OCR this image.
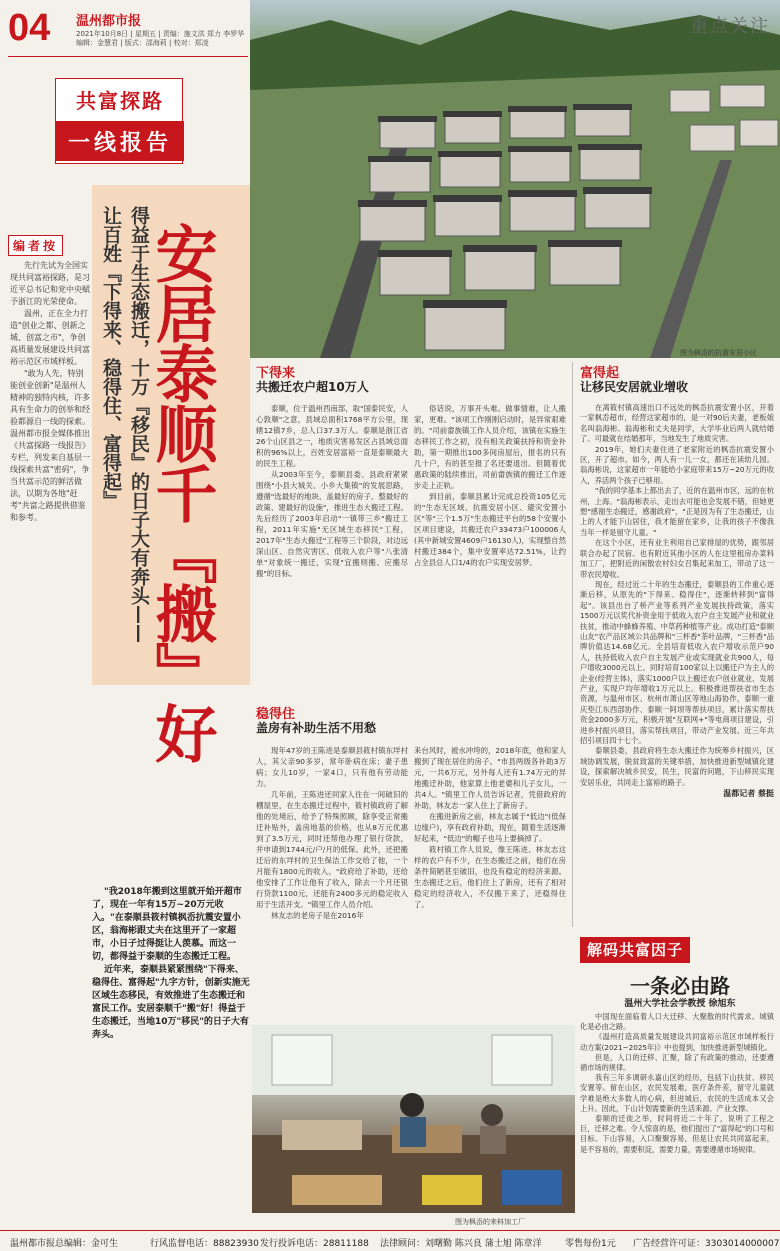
04 温州都市报
2021年10月8日 | 星期五 | 责编：施文洪 郑力 李罗华
编辑：金慧君 | 版式：邵海莉 | 校对：郑凌
重点关注
图为枫岙的抗震安居小区
共富探路
一线报告
安居泰顺千『搬』好
得益于生态搬迁，十万『移民』的日子大有奔头——
让百姓『下得来、稳得住、富得起』
编者按

先行先试为全国实现共同富裕探路，是习近平总书记和党中央赋予浙江的光荣使命。

温州，正在全力打造"创业之都、创新之城、创富之市"，争创高质量发展建设共同富裕示范区市域样板。

"敢为人先，特别能创业创新"是温州人精神的独特内核，许多具有生命力的创举和经验都源自一线的探索。温州都市报全媒体推出《共富探路一线报告》专栏，列发来自基层一线探索共富"密码"，争当共富示范的鲜活做法，以期为各地"赶考"共富之路提供借鉴和参考。

下得来
共搬迁农户超10万人

泰顺，位于温州西南部，取"国泰民安，人心敦顺"之意，县域总面积1768平方公里，现辖12镇7乡，总人口37.3万人。泰顺是浙江省26个山区县之一，地质灾害易发区占县域总面积的96%以上，百姓安居富裕一直是泰顺最大的民生工程。

从2003年至今，泰顺县委、县政府紧紧围绕"小县大城关、小乡大集镇"的发展思路，遵循"选最好的地块、盖最好的房子、整最好的政策、建最好的设施"，推进生态大搬迁工程。先后经历了2003年启动"一镇带三乡"搬迁工程，2011年实施"无区域生态移民"工程，2017年"生态大搬迁"工程等三个阶段，对边远深山区、自然灾害区、低收入农户等"八张清单"对象统一搬迁，实现"宜搬则搬、应搬尽搬"的目标。

俗话说，万事开头难。做事情难，让人搬家，更难。"该项工作刚刚启动时，是异常艰难的。"司前畲族镇工作人员介绍，该镇在实施生态移民工作之初，没有相关政策扶持和资金补助，第一期推出100多间房屋后，报名的只有几十户，有的甚至报了名还要退出。但随着优惠政策的陆续推出，司前畲族镇的搬迁工作逐步走上正轨。

到目前，泰顺县累计完成总投资105亿元的"生态无区域、抗震安居小区、避灾安置小区"等"三个1.5万"生态搬迁平台的58个安置小区项目建设，共搬迁农户33473户100006人(其中新城安置4609户16130人)，实现整自然村搬迁384个，集中安置率达72.51%，让约占全县总人口1/4的农户实现安居梦。

稳得住
盖房有补助生活不用愁

现年47岁的王陈进是泰顺县筱村镇东垟村人，其父亲90多岁，常年卧病在床；妻子患病；女儿10岁，一家4口，只有他有劳动能力。

几年前，王陈进还同家人住在一间破旧的棚屋里，在生态搬迁过程中，筱村镇政府了解他的处境后，给予了特殊照顾，除享受正常搬迁补贴外，盖房地基的价格，也从8万元优惠到了3.5万元，同时还帮他办理了银行贷款，并申请到1744元/户/月的低保。此外，还把搬迁后的东垟村的卫生保洁工作交给了他，一个月能有1800元的收入。"政府给了补助，还给他安排了工作让他有了收入，除去一个月还银行贷款1100元，还能有2400多元的稳定收入用于生活开支。"镇里工作人员介绍。

林友志的老房子是在2016年

来台风时，被水冲垮的，2018年底，他和家人搬到了现在居住的房子。"市县两级各补助3万元，一共6万元，另外每人还有1.74万元的异地搬迁补助，他家算上他老婆和儿子女儿，一共4人。"镇里工作人员告诉记者，凭借政府的补助，林友志一家人住上了新房子。

在搬进新房之前，林友志属于"低边"(低保边缘户)，享有政府补助，现在，随着生活逐渐好起来，"低边"的帽子也马上要摘掉了。

筱村镇工作人员说，像王陈进、林友志这样的农户有不少，在生态搬迁之前，他们在房条件简陋甚至破旧，也没有稳定的经济来源。生态搬迁之后，他们住上了新房，还有了相对稳定的经济收入，不仅搬下来了，还稳得住了。

"我2018年搬到这里就开始开超市了，现在一年有15万~20万元收入。"在泰顺县筱村镇枫岙抗震安置小区，翁海彬跟丈夫在这里开了一家超市，小日子过得挺让人羡慕。而这一切，都得益于泰顺的生态搬迁工程。

近年来，泰顺县紧紧围绕"下得来、稳得住、富得起"九字方针，创新实施无区域生态移民，有效推进了生态搬迁和富民工作。安居泰顺千"搬"好！得益于生态搬迁，当地10万"移民"的日子大有奔头。

富得起
让移民安居就业增收

在离筱村镇高速出口不远处的枫岙抗震安置小区，开着一家枫岙超市，经营这家超市的，是一对90后夫妻，老板娘名叫翁海彬。翁海彬和丈夫是同学，大学毕业后两人就结婚了。可最就在结婚那年，当地发生了地质灾害。

2019年，她们夫妻住进了老家附近的枫岙抗震安置小区，开了超市。如今，两人有一儿一女，都还在读幼儿园。翁海彬说，这家超市一年能给小家庭带来15万~20万元的收入，养活两个孩子已够用。

"我的同学基本上都出去了，近的在温州市区，远的在杭州，上海。"翁海彬表示，走出去可能也会发展不错，但她更想"感谢生态搬迁，感谢政府"，"正是因为有了生态搬迁，山上的人才能下山居住，我才能留在家乡，让我的孩子不像我当年一样是留守儿童。"

在这个小区，还有业主利用自己家排屋的优势，跟邻居联合办起了民宿。也有附近其他小区的人在这里租房办菜料加工厂，把附近的闲散农村妇女召集起来加工，带动了这一带农民增收。

现在，经过近二十年的生态搬迁，泰顺县的工作重心逐渐后移，从原先的"下得来、稳得住"，逐渐转移到"富得起"。该县出台了桥产业等系列产业发展扶持政策，落实1500万元以奖代补资金用于低收入农户自主发展产业和就业扶贫，推动中蜂蜂养殖、中草药种植等产业。成功打造"泰顺山友"农产品区域公共品牌和"三杯香"茶叶品牌，"三杯香"品牌价值达14.68亿元。全县培育低收入农户增收示范户90人，扶持低收入农户自主发展产业或实现就业共900人，每户增收3000元以上。同时培育100家以上以搬迁户为主人的企业(经营主体)，落实1000户以上搬迁农户创业就业、发展产业，实现户均年增收1万元以上。积极推进帮扶省市生态资源，与温州市区、杭州市萧山区等地山海协作，泰顺一重庆垫江东西部协作、泰顺一阿坝等帮扶项目，累计落实帮扶资金2000多万元，积极开展"互联网+"等电商项目建设，引进乡村振兴项目，落实帮扶项目，带动产业发展、近三年共招引项目四十七个。

泰顺县委，县政府将生态大搬迁作为统筹乡村振兴，区域协调发展，脱贫致富的关键举措，加快推进新型城镇化建设，探索解决城乡民安，民生，民富的问题，下山移民实现安居乐业，共同走上富裕的路子。

温都记者 蔡挺

解码共富因子
一条必由路
温州大学社会学教授 徐旭东

中国现在面临着人口大迁移、大聚散的时代需求。城镇化是必由之路。

《温州打造高质量发展建设共同富裕示范区市域样板行动方案(2021~2025年)》中也提到，加快推进新型城镇化。

但是，人口的迁移、汇聚，除了有政策的推动，还要遵循市场的规律。

我有三年多调研永嘉山区的经历，包括下山扶贫、移民安置等。留在山区，农民发展难，医疗条件差，留守儿童就学难是绝大多数人的心病，但进城后，农民的生活成本又会上升。因此，下山计划需要新的生活来源、产业支撑。

泰顺的迁徙之举，时间将近二十年了，说明了工程之巨，迁移之难。令人惊喜的是，他们提出了"富得起"的口号和目标。下山容易，入口聚聚容易，但是让农民共同富起来，是不容易的，需要积淀，需要力量，需要遵循市场规律。

图为枫岙的来料加工厂
温州都市报总编辑：金可生	行风监督电话：88823930 发行投诉电话：28811188 法律顾问：刘曙勤 陈兴良 蒲士旭 陈章洋	零售每份1元 广告经营许可证：3303014000007
